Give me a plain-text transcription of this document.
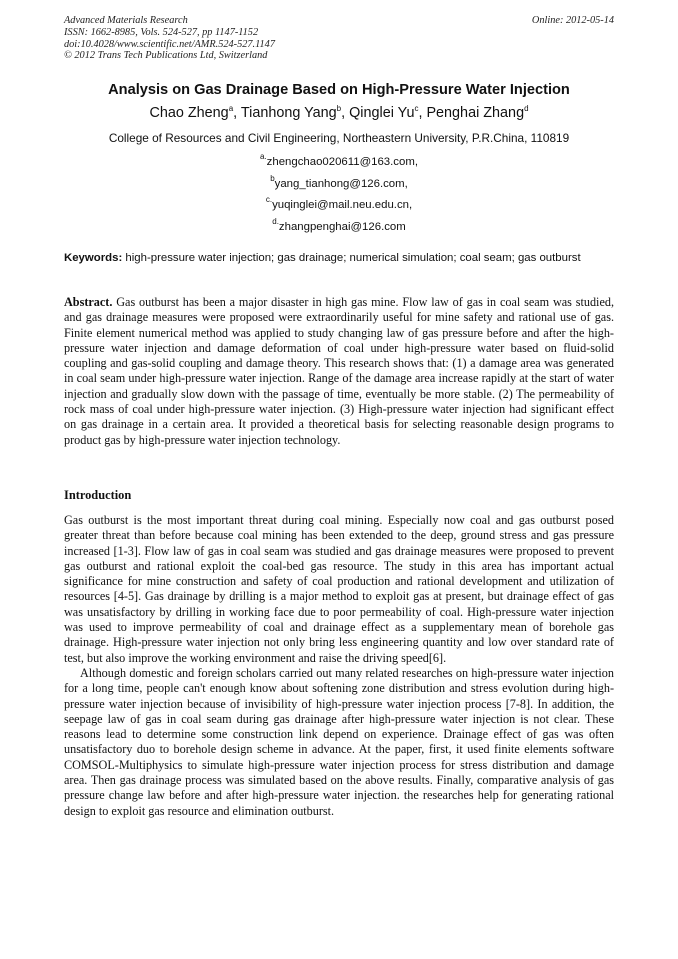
Advanced Materials Research
ISSN: 1662-8985, Vols. 524-527, pp 1147-1152
doi:10.4028/www.scientific.net/AMR.524-527.1147
© 2012 Trans Tech Publications Ltd, Switzerland
Online: 2012-05-14
Analysis on Gas Drainage Based on High-Pressure Water Injection
Chao Zheng$^a$, Tianhong Yang$^b$, Qinglei Yu$^c$, Penghai Zhang$^d$
College of Resources and Civil Engineering, Northeastern University, P.R.China, 110819
$^{a.}$zhengchao020611@163.com,
$^b$yang_tianhong@126.com,
$^{c.}$yuqinglei@mail.neu.edu.cn,
$^{d.}$zhangpenghai@126.com
Keywords: high-pressure water injection; gas drainage; numerical simulation; coal seam; gas outburst
Abstract. Gas outburst has been a major disaster in high gas mine. Flow law of gas in coal seam was studied, and gas drainage measures were proposed were extraordinarily useful for mine safety and rational use of gas. Finite element numerical method was applied to study changing law of gas pressure before and after the high-pressure water injection and damage deformation of coal under high-pressure water based on fluid-solid coupling and gas-solid coupling and damage theory. This research shows that: (1) a damage area was generated in coal seam under high-pressure water injection. Range of the damage area increase rapidly at the start of water injection and gradually slow down with the passage of time, eventually be more stable. (2) The permeability of rock mass of coal under high-pressure water injection. (3) High-pressure water injection had significant effect on gas drainage in a certain area. It provided a theoretical basis for selecting reasonable design programs to product gas by high-pressure water injection technology.
Introduction

Gas outburst is the most important threat during coal mining. Especially now coal and gas outburst posed greater threat than before because coal mining has been extended to the deep, ground stress and gas pressure increased [1-3]. Flow law of gas in coal seam was studied and gas drainage measures were proposed to prevent gas outburst and rational exploit the coal-bed gas resource. The study in this area has important actual significance for mine construction and safety of coal production and rational development and utilization of resources [4-5]. Gas drainage by drilling is a major method to exploit gas at present, but drainage effect of gas was unsatisfactory by drilling in working face due to poor permeability of coal. High-pressure water injection was used to improve permeability of coal and drainage effect as a supplementary mean of borehole gas drainage. High-pressure water injection not only bring less engineering quantity and low over standard rate of test, but also improve the working environment and raise the driving speed[6].

Although domestic and foreign scholars carried out many related researches on high-pressure water injection for a long time, people can't enough know about softening zone distribution and stress evolution during high-pressure water injection because of invisibility of high-pressure water injection process [7-8]. In addition, the seepage law of gas in coal seam during gas drainage after high-pressure water injection is not clear. These reasons lead to determine some construction link depend on experience. Drainage effect of gas was often unsatisfactory duo to borehole design scheme in advance. At the paper, first, it used finite elements software COMSOL-Multiphysics to simulate high-pressure water injection process for stress distribution and damage area. Then gas drainage process was simulated based on the above results. Finally, comparative analysis of gas pressure change law before and after high-pressure water injection. the researches help for generating rational design to exploit gas resource and elimination outburst.
